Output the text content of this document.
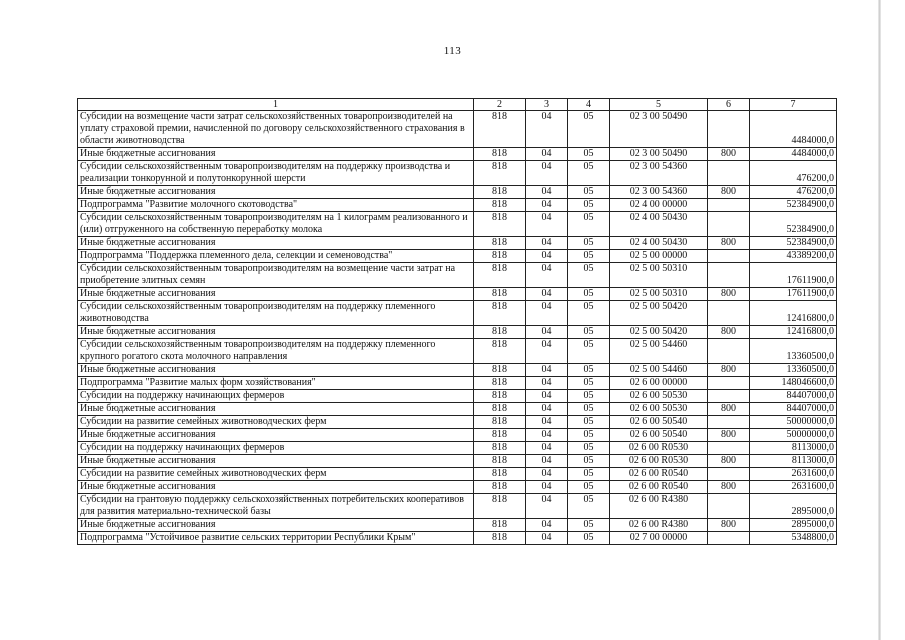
113
1	2	3	4	5	6	7
Субсидии на возмещение части затрат сельскохозяйственных товаропроизводителей на уплату страховой премии, начисленной по договору сельскохозяйственного страхования в области животноводства	818	04	05	02 3 00 50490		4484000,0
Иные бюджетные ассигнования	818	04	05	02 3 00 50490	800	4484000,0
Субсидии сельскохозяйственным товаропроизводителям на поддержку производства и реализации тонкорунной и полутонкорунной шерсти	818	04	05	02 3 00 54360		476200,0
Иные бюджетные ассигнования	818	04	05	02 3 00 54360	800	476200,0
Подпрограмма "Развитие молочного скотоводства"	818	04	05	02 4 00 00000		52384900,0
Субсидии сельскохозяйственным товаропроизводителям на 1 килограмм реализованного и (или) отгруженного на собственную переработку молока	818	04	05	02 4 00 50430		52384900,0
Иные бюджетные ассигнования	818	04	05	02 4 00 50430	800	52384900,0
Подпрограмма "Поддержка племенного дела, селекции и семеноводства"	818	04	05	02 5 00 00000		43389200,0
Субсидии сельскохозяйственным товаропроизводителям на возмещение части затрат на приобретение элитных семян	818	04	05	02 5 00 50310		17611900,0
Иные бюджетные ассигнования	818	04	05	02 5 00 50310	800	17611900,0
Субсидии сельскохозяйственным товаропроизводителям на поддержку племенного животноводства	818	04	05	02 5 00 50420		12416800,0
Иные бюджетные ассигнования	818	04	05	02 5 00 50420	800	12416800,0
Субсидии сельскохозяйственным товаропроизводителям на поддержку племенного крупного рогатого скота молочного направления	818	04	05	02 5 00 54460		13360500,0
Иные бюджетные ассигнования	818	04	05	02 5 00 54460	800	13360500,0
Подпрограмма "Развитие малых форм хозяйствования"	818	04	05	02 6 00 00000		148046600,0
Субсидии на поддержку начинающих фермеров	818	04	05	02 6 00 50530		84407000,0
Иные бюджетные ассигнования	818	04	05	02 6 00 50530	800	84407000,0
Субсидии на развитие семейных животноводческих ферм	818	04	05	02 6 00 50540		50000000,0
Иные бюджетные ассигнования	818	04	05	02 6 00 50540	800	50000000,0
Субсидии на поддержку начинающих фермеров	818	04	05	02 6 00 R0530		8113000,0
Иные бюджетные ассигнования	818	04	05	02 6 00 R0530	800	8113000,0
Субсидии на развитие семейных животноводческих ферм	818	04	05	02 6 00 R0540		2631600,0
Иные бюджетные ассигнования	818	04	05	02 6 00 R0540	800	2631600,0
Субсидии на грантовую поддержку сельскохозяйственных потребительских кооперативов для развития материально-технической базы	818	04	05	02 6 00 R4380		2895000,0
Иные бюджетные ассигнования	818	04	05	02 6 00 R4380	800	2895000,0
Подпрограмма "Устойчивое развитие сельских территории Республики Крым"	818	04	05	02 7 00 00000		5348800,0
